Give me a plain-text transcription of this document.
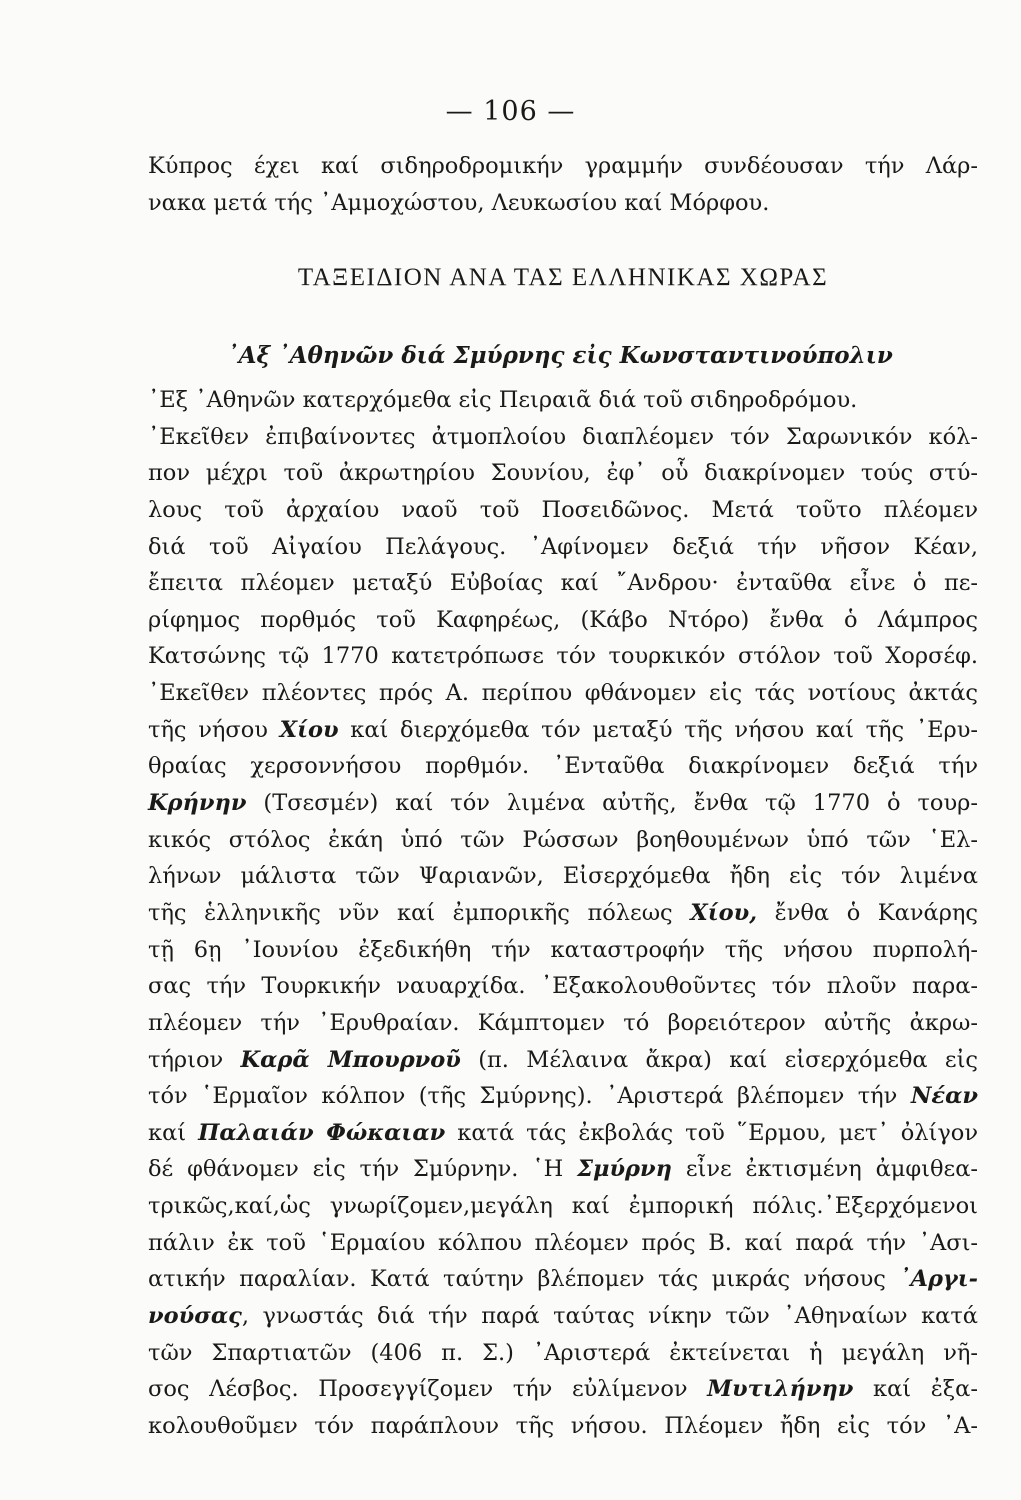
— 106 —
Κύπρος έχει καί σιδηροδρομικήν γραμμήν συνδέουσαν τήν Λάρ-
νακα μετά τής ᾽Αμμοχώστου, Λευκωσίου καί Μόρφου.
ΤΑΞΕΙΔΙΟΝ ΑΝΑ ΤΑΣ ΕΛΛΗΝΙΚΑΣ ΧΩΡΑΣ
᾽Αξ ᾽Αθηνῶν διά Σμύρνης εἰς Κωνσταντινούπολιν
᾽Εξ ᾽Αθηνῶν κατερχόμεθα εἰς Πειραιᾶ διά τοῦ σιδηροδρόμου.
᾽Εκεῖθεν ἐπιβαίνοντες ἀτμοπλοίου διαπλέομεν τόν Σαρωνικόν κόλ-
πον μέχρι τοῦ ἀκρωτηρίου Σουνίου, ἐφ᾽ οὗ διακρίνομεν τούς στύ-
λους τοῦ ἀρχαίου ναοῦ τοῦ Ποσειδῶνος. Μετά τοῦτο πλέομεν
διά τοῦ Αἰγαίου Πελάγους. ᾽Αφίνομεν δεξιά τήν νῆσον Κέαν,
ἔπειτα πλέομεν μεταξύ Εὐβοίας καί ῎Ανδρου· ἐνταῦθα εἶνε ὁ πε-
ρίφημος πορθμός τοῦ Καφηρέως, (Κάβο Ντόρο) ἔνθα ὁ Λάμπρος
Κατσώνης τῷ 1770 κατετρόπωσε τόν τουρκικόν στόλον τοῦ Χορσέφ.
᾽Εκεῖθεν πλέοντες πρός Α. περίπου φθάνομεν εἰς τάς νοτίους ἀκτάς
τῆς νήσου Χίου καί διερχόμεθα τόν μεταξύ τῆς νήσου καί τῆς ᾽Ερυ-
θραίας χερσοννήσου πορθμόν. ᾽Ενταῦθα διακρίνομεν δεξιά τήν
Κρήνην (Τσεσμέν) καί τόν λιμένα αὐτῆς, ἔνθα τῷ 1770 ὁ τουρ-
κικός στόλος ἐκάη ὑπό τῶν Ρώσσων βοηθουμένων ὑπό τῶν ῾Ελ-
λήνων μάλιστα τῶν Ψαριανῶν, Εἰσερχόμεθα ἤδη εἰς τόν λιμένα
τῆς ἑλληνικῆς νῦν καί ἐμπορικῆς πόλεως Χίου, ἔνθα ὁ Κανάρης
τῇ 6ῃ ᾽Ιουνίου ἐξεδικήθη τήν καταστροφήν τῆς νήσου πυρπολή-
σας τήν Τουρκικήν ναυαρχίδα. ᾽Εξακολουθοῦντες τόν πλοῦν παρα-
πλέομεν τήν ᾽Ερυθραίαν. Κάμπτομεν τό βορειότερον αὐτῆς ἀκρω-
τήριον Καρᾶ Μπουρνοῦ (π. Μέλαινα ἄκρα) καί εἰσερχόμεθα εἰς
τόν ῾Ερμαῖον κόλπον (τῆς Σμύρνης). ᾽Αριστερά βλέπομεν τήν Νέαν
καί Παλαιάν Φώκαιαν κατά τάς ἐκβολάς τοῦ ῞Ερμου, μετ᾽ ὀλίγον
δέ φθάνομεν εἰς τήν Σμύρνην. ῾Η Σμύρνη εἶνε ἐκτισμένη ἀμφιθεα-
τρικῶς,καί,ὡς γνωρίζομεν,μεγάλη καί ἐμπορική πόλις.᾽Εξερχόμενοι
πάλιν ἐκ τοῦ ῾Ερμαίου κόλπου πλέομεν πρός Β. καί παρά τήν ᾽Ασι-
ατικήν παραλίαν. Κατά ταύτην βλέπομεν τάς μικράς νήσους ᾽Αργι-
νούσας, γνωστάς διά τήν παρά ταύτας νίκην τῶν ᾽Αθηναίων κατά
τῶν Σπαρτιατῶν (406 π. Σ.) ᾽Αριστερά ἐκτείνεται ἡ μεγάλη νῆ-
σος Λέσβος. Προσεγγίζομεν τήν εὐλίμενον Μυτιλήνην καί ἐξα-
κολουθοῦμεν τόν παράπλουν τῆς νήσου. Πλέομεν ἤδη εἰς τόν ᾽Α-
